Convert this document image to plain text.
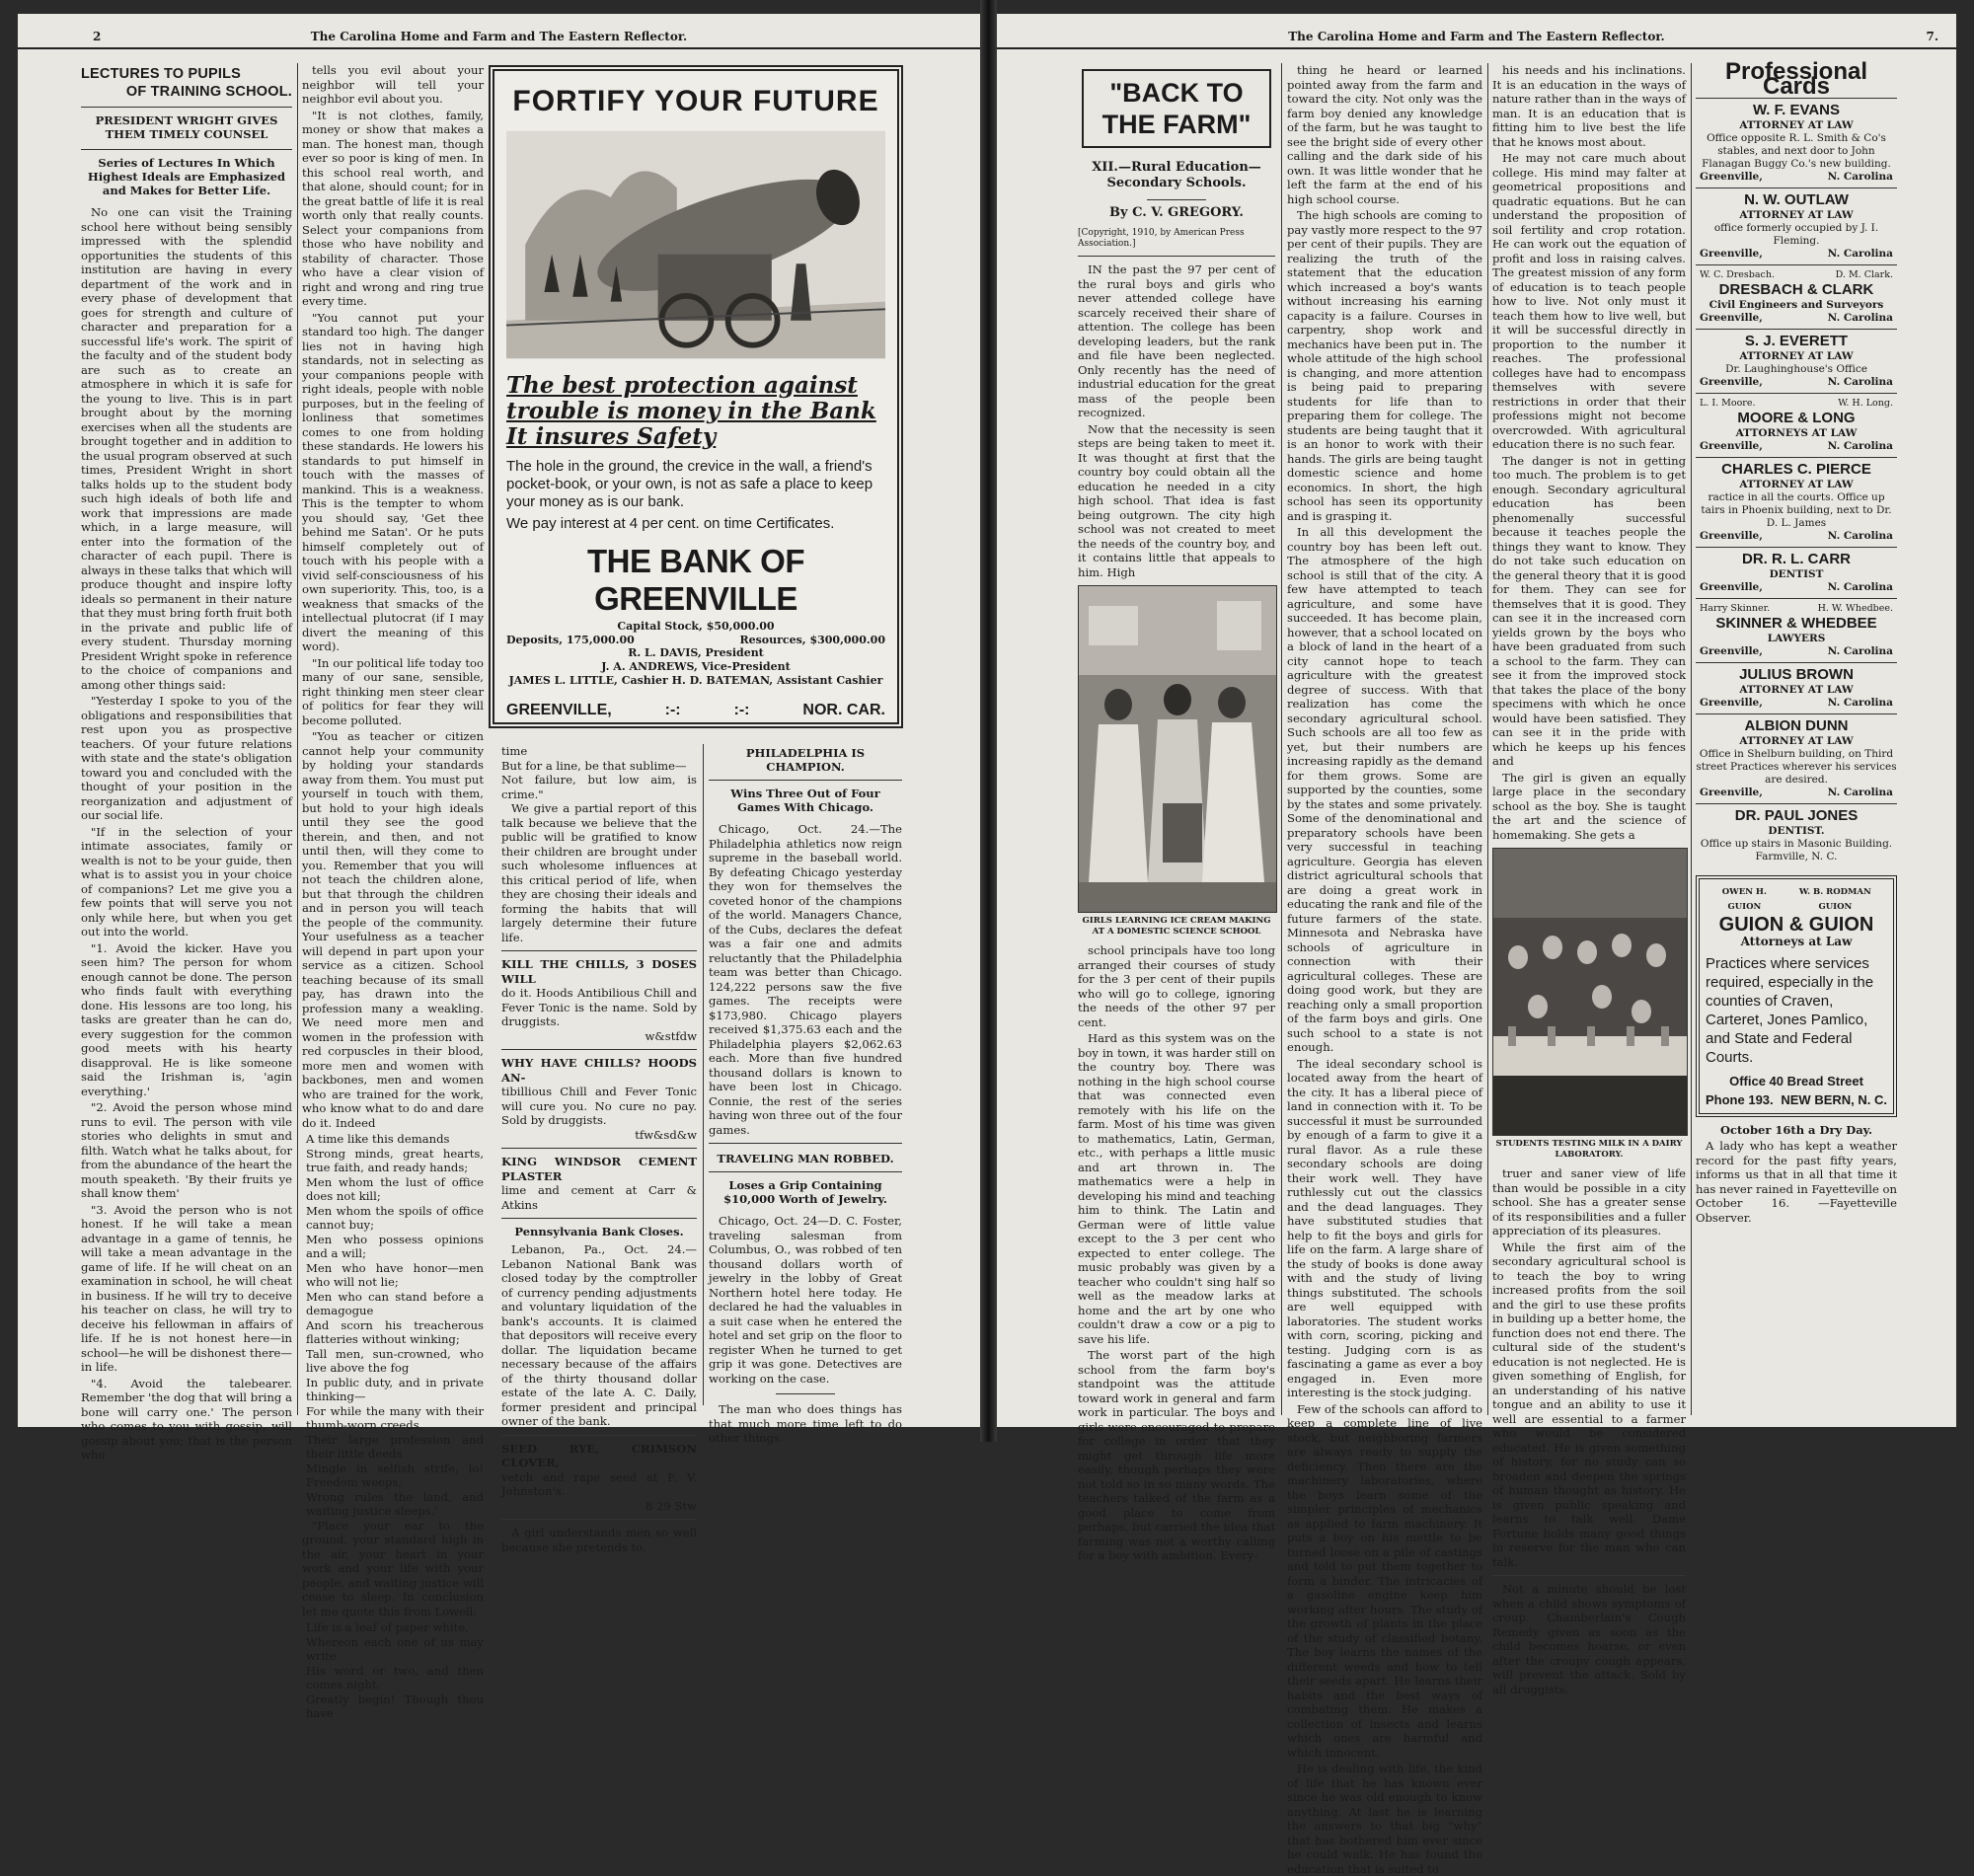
2	The Carolina Home and Farm and The Eastern Reflector.
LECTURES TO PUPILS
OF TRAINING SCHOOL.
PRESIDENT WRIGHT GIVES THEM TIMELY COUNSEL
Series of Lectures In Which Highest Ideals are Emphasized and Makes for Better Life.

No one can visit the Training school here without being sensibly impressed with the splendid opportunities the students of this institution are having in every department of the work and in every phase of development that goes for strength and culture of character and preparation for a successful life's work. The spirit of the faculty and of the student body are such as to create an atmosphere in which it is safe for the young to live. This is in part brought about by the morning exercises when all the students are brought together and in addition to the usual program observed at such times, President Wright in short talks holds up to the student body such high ideals of both life and work that impressions are made which, in a large measure, will enter into the formation of the character of each pupil. There is always in these talks that which will produce thought and inspire lofty ideals so permanent in their nature that they must bring forth fruit both in the private and public life of every student. Thursday morning President Wright spoke in reference to the choice of companions and among other things said:

"Yesterday I spoke to you of the obligations and responsibilities that rest upon you as prospective teachers. Of your future relations with state and the state's obligation toward you and concluded with the thought of your position in the reorganization and adjustment of our social life.

"If in the selection of your intimate associates, family or wealth is not to be your guide, then what is to assist you in your choice of companions? Let me give you a few points that will serve you not only while here, but when you get out into the world.

"1. Avoid the kicker. Have you seen him? The person for whom enough cannot be done. The person who finds fault with everything done. His lessons are too long, his tasks are greater than he can do, every suggestion for the common good meets with his hearty disapproval. He is like someone said the Irishman is, 'agin everything.'

"2. Avoid the person whose mind runs to evil. The person with vile stories who delights in smut and filth. Watch what he talks about, for from the abundance of the heart the mouth speaketh. 'By their fruits ye shall know them'

"3. Avoid the person who is not honest. If he will take a mean advantage in a game of tennis, he will take a mean advantage in the game of life. If he will cheat on an examination in school, he will cheat in business. If he will try to deceive his teacher on class, he will try to deceive his fellowman in affairs of life. If he is not honest here—in school—he will be dishonest there—in life.

"4. Avoid the talebearer. Remember 'the dog that will bring a bone will carry one.' The person who comes to you with gossip, will gossip about you; that is the person who

tells you evil about your neighbor will tell your neighbor evil about you.

"It is not clothes, family, money or show that makes a man. The honest man, though ever so poor is king of men. In this school real worth, and that alone, should count; for in the great battle of life it is real worth only that really counts. Select your companions from those who have nobility and stability of character. Those who have a clear vision of right and wrong and ring true every time.

"You cannot put your standard too high. The danger lies not in having high standards, not in selecting as your companions people with right ideals, people with noble purposes, but in the feeling of lonliness that sometimes comes to one from holding these standards. He lowers his standards to put himself in touch with the masses of mankind. This is a weakness. This is the tempter to whom you should say, 'Get thee behind me Satan'. Or he puts himself completely out of touch with his people with a vivid self-consciousness of his own superiority. This, too, is a weakness that smacks of the intellectual plutocrat (if I may divert the meaning of this word).

"In our political life today too many of our sane, sensible, right thinking men steer clear of politics for fear they will become polluted.

"You as teacher or citizen cannot help your community by holding your standards away from them. You must put yourself in touch with them, but hold to your high ideals until they see the good therein, and then, and not until then, will they come to you. Remember that you will not teach the children alone, but that through the children and in person you will teach the people of the community. Your usefulness as a teacher will depend in part upon your service as a citizen. School teaching because of its small pay, has drawn into the profession many a weakling. We need more men and women in the profession with red corpuscles in their blood, more men and women with backbones, men and women who are trained for the work, who know what to do and dare do it. Indeed

A time like this demands
Strong minds, great hearts, true faith, and ready hands;
Men whom the lust of office does not kill;
Men whom the spoils of office cannot buy;
Men who possess opinions and a will;
Men who have honor—men who will not lie;
Men who can stand before a demagogue
And scorn his treacherous flatteries without winking;
Tall men, sun-crowned, who live above the fog
In public duty, and in private thinking—
For while the many with their thumb-worn creeds,
Their large profession and their little deeds
Mingle in selfish strife, lo! Freedom weeps,
Wrong rules the land, and waiting justice sleeps.'

"Place your ear to the ground, your standard high in the air, your heart in your work and your life with your people, and waiting justice will cease to sleep. In conclusion let me quote this from Lowell:

Life is a leaf of paper white,
Whereon each one of us may write
His word or two, and then comes night.
Greatly begin! Though thou have
FORTIFY YOUR FUTURE
The best protection against trouble is money in the Bank It insures Safety
The hole in the ground, the crevice in the wall, a friend's pocket-book, or your own, is not as safe a place to keep your money as is our bank.
We pay interest at 4 per cent. on time Certificates.
THE BANK OF GREENVILLE
Capital Stock, $50,000.00
Deposits, 175,000.00	Resources, $300,000.00
R. L. DAVIS, President
J. A. ANDREWS, Vice-President
JAMES L. LITTLE, Cashier H. D. BATEMAN, Assistant Cashier
GREENVILLE,	:-:	:-:	NOR. CAR.
time
But for a line, be that sublime—
Not failure, but low aim, is crime."

We give a partial report of this talk because we believe that the public will be gratified to know their children are brought under such wholesome influences at this critical period of life, when they are chosing their ideals and forming the habits that will largely determine their future life.

KILL THE CHILLS, 3 DOSES WILL
do it. Hoods Antibilious Chill and Fever Tonic is the name. Sold by druggists.
w&stfdw
WHY HAVE CHILLS? HOODS AN-
tibillious Chill and Fever Tonic will cure you. No cure no pay. Sold by druggists.
tfw&sd&w
KING WINDSOR CEMENT PLASTER
lime and cement at Carr & Atkins
Pennsylvania Bank Closes.

Lebanon, Pa., Oct. 24.—Lebanon National Bank was closed today by the comptroller of currency pending adjustments and voluntary liquidation of the bank's accounts. It is claimed that depositors will receive every dollar. The liquidation became necessary because of the affairs of the thirty thousand dollar estate of the late A. C. Daily, former president and principal owner of the bank.

SEED RYE, CRIMSON CLOVER,
vetch and rape seed at F. V. Johnston's.
8 29 Stw

A girl understands men so well because she pretends to.

PHILADELPHIA IS CHAMPION.
Wins Three Out of Four Games With Chicago.

Chicago, Oct. 24.—The Philadelphia athletics now reign supreme in the baseball world. By defeating Chicago yesterday they won for themselves the coveted honor of the champions of the world. Managers Chance, of the Cubs, declares the defeat was a fair one and admits reluctantly that the Philadelphia team was better than Chicago. 124,222 persons saw the five games. The receipts were $173,980. Chicago players received $1,375.63 each and the Philadelphia players $2,062.63 each. More than five hundred thousand dollars is known to have been lost in Chicago. Connie, the rest of the series having won three out of the four games.

TRAVELING MAN ROBBED.
Loses a Grip Containing $10,000 Worth of Jewelry.

Chicago, Oct. 24—D. C. Foster, traveling salesman from Columbus, O., was robbed of ten thousand dollars worth of jewelry in the lobby of Great Northern hotel here today. He declared he had the valuables in a suit case when he entered the hotel and set grip on the floor to register When he turned to get grip it was gone. Detectives are working on the case.

The man who does things has that much more time left to do other things.

The Carolina Home and Farm and The Eastern Reflector.	7.
"BACK TO
THE FARM"
XII.—Rural Education—Secondary Schools.
By C. V. GREGORY.
[Copyright, 1910, by American Press Association.]

IN the past the 97 per cent of the rural boys and girls who never attended college have scarcely received their share of attention. The college has been developing leaders, but the rank and file have been neglected. Only recently has the need of industrial education for the great mass of the people been recognized.

Now that the necessity is seen steps are being taken to meet it. It was thought at first that the country boy could obtain all the education he needed in a city high school. That idea is fast being outgrown. The city high school was not created to meet the needs of the country boy, and it contains little that appeals to him. High

GIRLS LEARNING ICE CREAM MAKING AT A DOMESTIC SCIENCE SCHOOL

school principals have too long arranged their courses of study for the 3 per cent of their pupils who will go to college, ignoring the needs of the other 97 per cent.

Hard as this system was on the boy in town, it was harder still on the country boy. There was nothing in the high school course that was connected even remotely with his life on the farm. Most of his time was given to mathematics, Latin, German, etc., with perhaps a little music and art thrown in. The mathematics were a help in developing his mind and teaching him to think. The Latin and German were of little value except to the 3 per cent who expected to enter college. The music probably was given by a teacher who couldn't sing half so well as the meadow larks at home and the art by one who couldn't draw a cow or a pig to save his life.

The worst part of the high school from the farm boy's standpoint was the attitude toward work in general and farm work in particular. The boys and girls were encouraged to prepare for college in order that they might get through life more easily, though perhaps they were not told so in so many words. The teachers talked of the farm as a good place to come from perhaps, but carried the idea that farming was not a worthy calling for a boy with ambition. Every-

thing he heard or learned pointed away from the farm and toward the city. Not only was the farm boy denied any knowledge of the farm, but he was taught to see the bright side of every other calling and the dark side of his own. It was little wonder that he left the farm at the end of his high school course.

The high schools are coming to pay vastly more respect to the 97 per cent of their pupils. They are realizing the truth of the statement that the education which increased a boy's wants without increasing his earning capacity is a failure. Courses in carpentry, shop work and mechanics have been put in. The whole attitude of the high school is changing, and more attention is being paid to preparing students for life than to preparing them for college. The students are being taught that it is an honor to work with their hands. The girls are being taught domestic science and home economics. In short, the high school has seen its opportunity and is grasping it.

In all this development the country boy has been left out. The atmosphere of the high school is still that of the city. A few have attempted to teach agriculture, and some have succeeded. It has become plain, however, that a school located on a block of land in the heart of a city cannot hope to teach agriculture with the greatest degree of success. With that realization has come the secondary agricultural school. Such schools are all too few as yet, but their numbers are increasing rapidly as the demand for them grows. Some are supported by the counties, some by the states and some privately. Some of the denominational and preparatory schools have been very successful in teaching agriculture. Georgia has eleven district agricultural schools that are doing a great work in educating the rank and file of the future farmers of the state. Minnesota and Nebraska have schools of agriculture in connection with their agricultural colleges. These are doing good work, but they are reaching only a small proportion of the farm boys and girls. One such school to a state is not enough.

The ideal secondary school is located away from the heart of the city. It has a liberal piece of land in connection with it. To be successful it must be surrounded by enough of a farm to give it a rural flavor. As a rule these secondary schools are doing their work well. They have ruthlessly cut out the classics and the dead languages. They have substituted studies that help to fit the boys and girls for life on the farm. A large share of the study of books is done away with and the study of living things substituted. The schools are well equipped with laboratories. The student works with corn, scoring, picking and testing. Judging corn is as fascinating a game as ever a boy engaged in. Even more interesting is the stock judging.

Few of the schools can afford to keep a complete line of live stock, but neighboring farmers are always ready to supply the deficiency. Then there are the machinery laboratories, where the boys learn some of the simpler principles of mechanics as applied to farm machinery. It puts a boy on his mettle to be turned loose on a pile of castings and told to put them together to form a binder. The intricacies of a gasoline engine keep him working after hours. The study of the growth of plants in the place of the study of classified botany. The boy learns the names of the different weeds and how to tell their seeds apart. He learns their habits and the best ways of combating them. He makes a collection of insects and learns which ones are harmful and which innocent.

He is dealing with life, the kind of life that he has known ever since he was old enough to know anything. At last he is learning the answers to that big "why" that has bothered him ever since he could walk. He has found the education that is suited to

his needs and his inclinations. It is an education in the ways of nature rather than in the ways of man. It is an education that is fitting him to live best the life that he knows most about.

He may not care much about college. His mind may falter at geometrical propositions and quadratic equations. But he can understand the proposition of soil fertility and crop rotation. He can work out the equation of profit and loss in raising calves. The greatest mission of any form of education is to teach people how to live. Not only must it teach them how to live well, but it will be successful directly in proportion to the number it reaches. The professional colleges have had to encompass themselves with severe restrictions in order that their professions might not become overcrowded. With agricultural education there is no such fear.

The danger is not in getting too much. The problem is to get enough. Secondary agricultural education has been phenomenally successful because it teaches people the things they want to know. They do not take such education on the general theory that it is good for them. They can see for themselves that it is good. They can see it in the increased corn yields grown by the boys who have been graduated from such a school to the farm. They can see it from the improved stock that takes the place of the bony specimens with which he once would have been satisfied. They can see it in the pride with which he keeps up his fences and

The girl is given an equally large place in the secondary school as the boy. She is taught the art and the science of homemaking. She gets a

STUDENTS TESTING MILK IN A DAIRY LABORATORY.

truer and saner view of life than would be possible in a city school. She has a greater sense of its responsibilities and a fuller appreciation of its pleasures.

While the first aim of the secondary agricultural school is to teach the boy to wring increased profits from the soil and the girl to use these profits in building up a better home, the function does not end there. The cultural side of the student's education is not neglected. He is given something of English, for an understanding of his native tongue and an ability to use it well are essential to a farmer who would be considered educated. He is given something of history, for no study can so broaden and deepen the springs of human thought as history. He is given public speaking and learns to talk well. Dame Fortune holds many good things in reserve for the man who can talk.

Not a minute should be lost when a child shows symptoms of croup. Chamberlain's Cough Remedy given as soon as the child becomes hoarse, or even after the croupy cough appears, will prevent the attack. Sold by all druggists.

Professional Cards
W. F. EVANS
ATTORNEY AT LAW
Office opposite R. L. Smith & Co's stables, and next door to John Flanagan Buggy Co.'s new building.
Greenville,	N. Carolina
N. W. OUTLAW
ATTORNEY AT LAW
office formerly occupied by J. I. Fleming.
Greenville,	N. Carolina
W. C. Dresbach.	D. M. Clark.
DRESBACH & CLARK
Civil Engineers and Surveyors
Greenville,	N. Carolina
S. J. EVERETT
ATTORNEY AT LAW
Dr. Laughinghouse's Office
Greenville,	N. Carolina
L. I. Moore.	W. H. Long.
MOORE & LONG
ATTORNEYS AT LAW
Greenville,	N. Carolina
CHARLES C. PIERCE
ATTORNEY AT LAW
ractice in all the courts. Office up tairs in Phoenix building, next to Dr. D. L. James
Greenville,	N. Carolina
DR. R. L. CARR
DENTIST
Greenville,	N. Carolina
Harry Skinner.	H. W. Whedbee.
SKINNER & WHEDBEE
LAWYERS
Greenville,	N. Carolina
JULIUS BROWN
ATTORNEY AT LAW
Greenville,	N. Carolina
ALBION DUNN
ATTORNEY AT LAW
Office in Shelburn building, on Third street Practices wherever his services are desired.
Greenville,	N. Carolina
DR. PAUL JONES
DENTIST.
Office up stairs in Masonic Building. Farmville, N. C.
OWEN H. GUION
W. B. RODMAN GUION
GUION & GUION
Attorneys at Law
Practices where services required, especially in the counties of Craven, Carteret, Jones Pamlico, and State and Federal Courts.
Office 40 Bread Street
Phone 193. NEW BERN, N. C.
October 16th a Dry Day.

A lady who has kept a weather record for the past fifty years, informs us that in all that time it has never rained in Fayetteville on October 16. —Fayetteville Observer.
